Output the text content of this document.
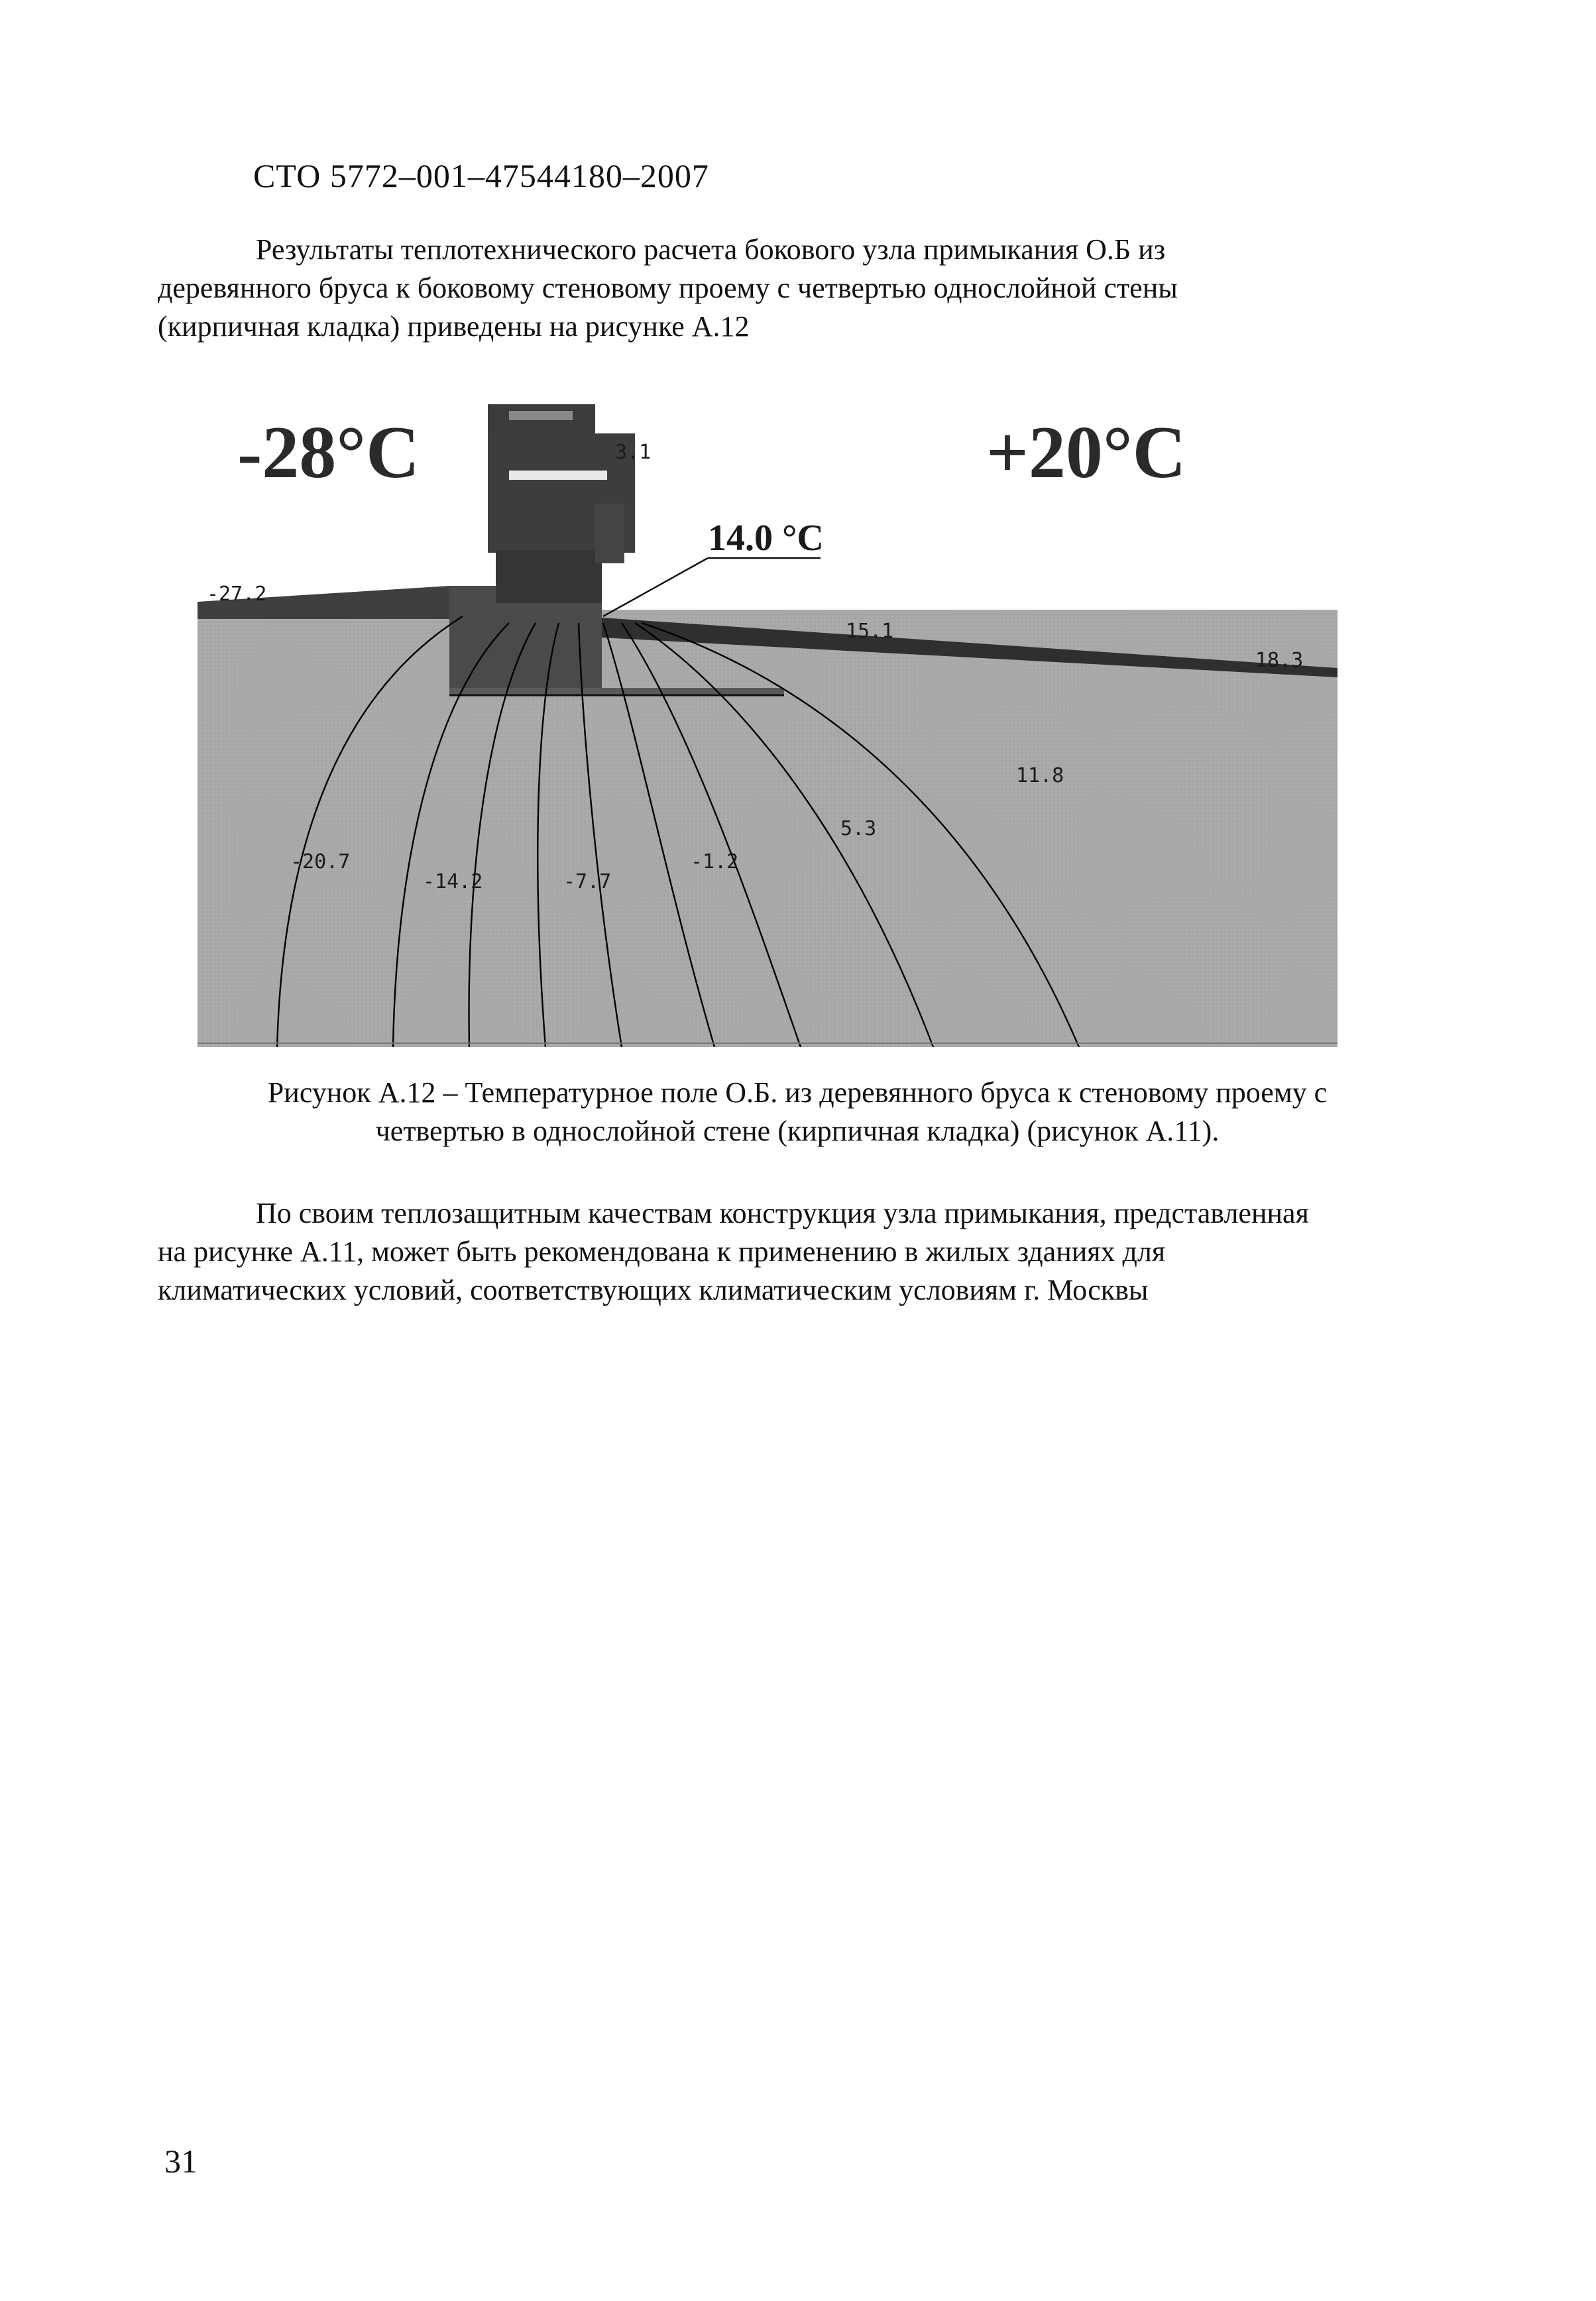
СТО 5772–001–47544180–2007

Результаты теплотехнического расчета бокового узла примыкания О.Б из
деревянного бруса к боковому стеновому проему с четвертью однослойной стены
(кирпичная кладка) приведены на рисунке А.12

3.1
-28°С	+20°С
14.0 °С
-27.2
15.1
18.3
11.8
5.3
-20.7
-14.2	-7.7
-1.2
Рисунок А.12 – Температурное поле О.Б. из деревянного бруса к стеновому проему с
четвертью в однослойной стене (кирпичная кладка) (рисунок А.11).

По своим теплозащитным качествам конструкция узла примыкания, представленная
на рисунке А.11, может быть рекомендована к применению в жилых зданиях для
климатических условий, соответствующих климатическим условиям г. Москвы

31
